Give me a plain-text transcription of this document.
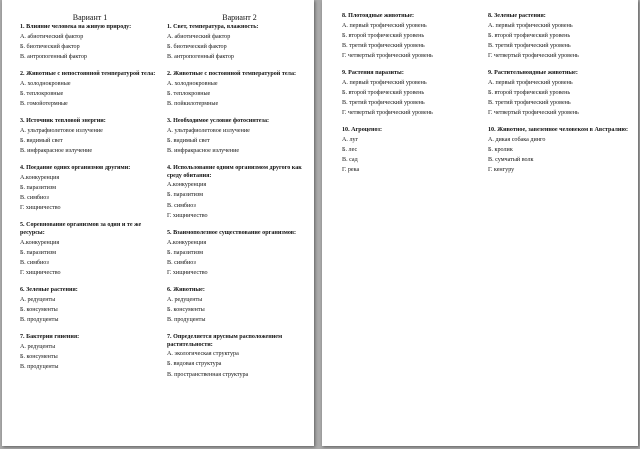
Вариант 1
1. Влияние человека на живую природу:
А. абиотический фактор
Б. биотический фактор
В. антропогенный фактор
2. Животные с непостоянной температурой тела:
А. холоднокровные
Б. теплокровные
В. гомойотермные
3. Источник тепловой энергии:
А. ультрафиолетовое излучение
Б. видимый свет
В. инфракрасное излучение
4. Поедание одних организмов другими:
А.конкуренция
Б. паразитизм
В. симбиоз
Г. хищничество
5. Соревнование организмов за один и те же ресурсы:
А.конкуренция
Б. паразитизм
В. симбиоз
Г. хищничество
6. Зеленые растения:
А. редуценты
Б. консументы
В. продуценты
7. Бактерии гниения:
А. редуценты
Б. консументы
В. продуценты
Вариант 2
1. Свет, температура, влажность:
А. абиотический фактор
Б. биотический фактор
В. антропогенный фактор
2. Животные с постоянной температурой тела:
А. холоднокровные
Б. теплокровные
В. пойкилотермные
3. Необходимое условие фотосинтеза:
А. ультрафиолетовое излучение
Б. видимый свет
В. инфракрасное излучение
4. Использование одним организмом другого как среду обитания:
А.конкуренция
Б. паразитизм
В. симбиоз
Г. хищничество
5. Взаимополезное существование организмов:
А.конкуренция
Б. паразитизм
В. симбиоз
Г. хищничество
6. Животные:
А. редуценты
Б. консументы
В. продуценты
7. Определяется ярусным расположением растительности:
А. экологическая структура
Б. видовая структура
В. пространственная структура
8. Плотоядные животные:
А. первый трофический уровень
Б. второй трофический уровень
В. третий трофический уровень
Г. четвертый трофический уровень
9. Растения паразиты:
А. первый трофический уровень
Б. второй трофический уровень
В. третий трофический уровень
Г. четвертый трофический уровень
10. Агроценоз:
А. луг
Б. лес
В. сад
Г. река
8. Зеленые растения:
А. первый трофический уровень
Б. второй трофический уровень
В. третий трофический уровень
Г. четвертый трофический уровень
9. Растительноядные животные:
А. первый трофический уровень
Б. второй трофический уровень
В. третий трофический уровень
Г. четвертый трофический уровень
10. Животное, завезенное человеком в Австралию:
А. дикая собака динго
Б. кролик
В. сумчатый волк
Г. кенгуру
